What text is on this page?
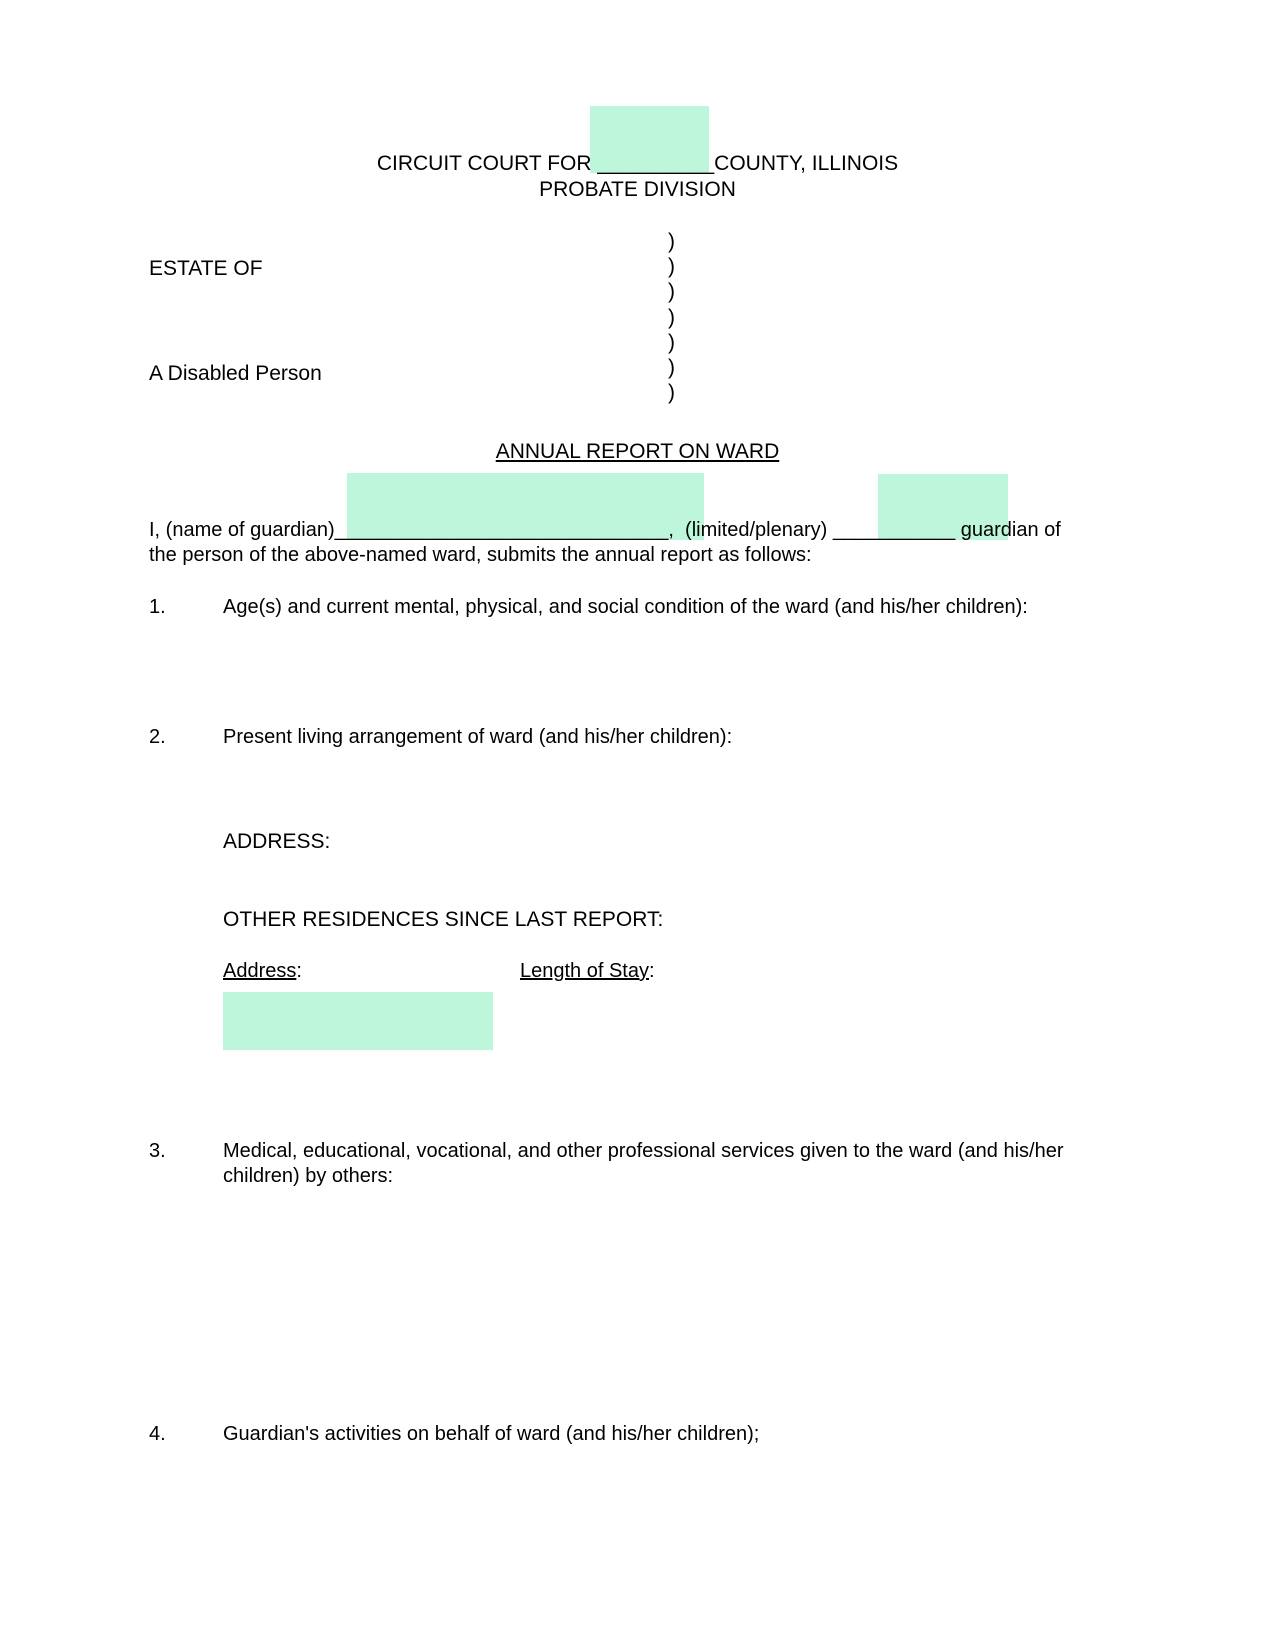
CIRCUIT COURT FOR __________COUNTY, ILLINOIS
PROBATE DIVISION
ESTATE OF
A Disabled Person
)
)
)
)
)
)
)
ANNUAL REPORT ON WARD
I, (name of guardian)______________________________,  (limited/plenary) ___________ guardian of
the person of the above-named ward, submits the annual report as follows:
1.	Age(s) and current mental, physical, and social condition of the ward (and his/her children):
2.	Present living arrangement of ward (and his/her children):
ADDRESS:
OTHER RESIDENCES SINCE LAST REPORT:
Address:	Length of Stay:
3.	Medical, educational, vocational, and other professional services given to the ward (and his/her
children) by others:
4.	Guardian's activities on behalf of ward (and his/her children);
